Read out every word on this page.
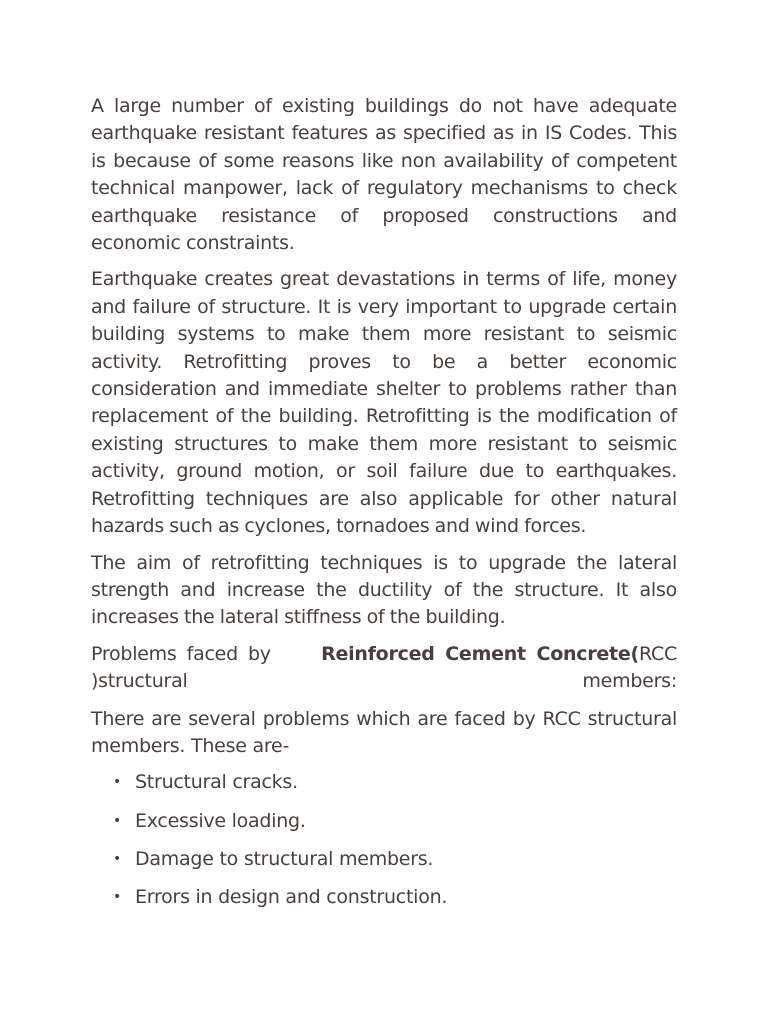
A large number of existing buildings do not have adequate earthquake resistant features as specified as in IS Codes. This is because of some reasons like non availability of competent technical manpower, lack of regulatory mechanisms to check earthquake resistance of proposed constructions and economic constraints.

Earthquake creates great devastations in terms of life, money and failure of structure. It is very important to upgrade certain building systems to make them more resistant to seismic activity. Retrofitting proves to be a better economic consideration and immediate shelter to problems rather than replacement of the building. Retrofitting is the modification of existing structures to make them more resistant to seismic activity, ground motion, or soil failure due to earthquakes. Retrofitting techniques are also applicable for other natural hazards such as cyclones, tornadoes and wind forces.

The aim of retrofitting techniques is to upgrade the lateral strength and increase the ductility of the structure. It also increases the lateral stiffness of the building.

Problems faced by	Reinforced Cement Concrete(RCC )structural members:

There are several problems which are faced by RCC structural members. These are-

• Structural cracks.
• Excessive loading.
• Damage to structural members.
• Errors in design and construction.
